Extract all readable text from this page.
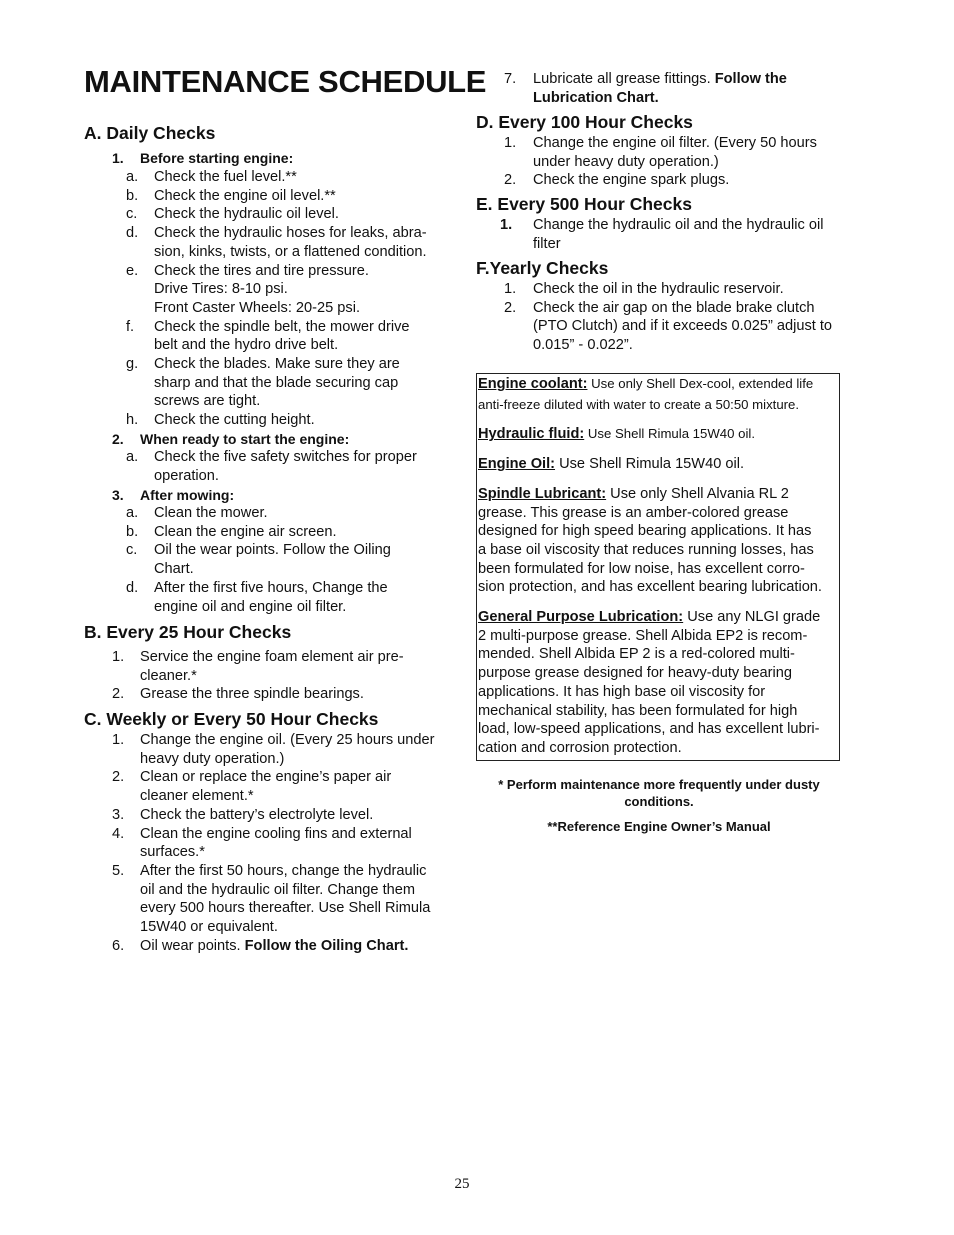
MAINTENANCE SCHEDULE
A. Daily Checks
1. Before starting engine:
a. Check the fuel level.**
b. Check the engine oil level.**
c. Check the hydraulic oil level.
d. Check the hydraulic hoses for leaks, abra-
sion, kinks, twists, or a flattened condition.
e. Check the tires and tire pressure.
Drive Tires: 8-10 psi.
Front Caster Wheels: 20-25 psi.
f. Check the spindle belt, the mower drive
belt and the hydro drive belt.
g. Check the blades. Make sure they are
sharp and that the blade securing cap
screws are tight.
h. Check the cutting height.
2. When ready to start the engine:
a. Check the five safety switches for proper
operation.
3. After mowing:
a. Clean the mower.
b. Clean the engine air screen.
c. Oil the wear points. Follow the Oiling
Chart.
d. After the first five hours, Change the
engine oil and engine oil filter.
B. Every 25 Hour Checks
1. Service the engine foam element air pre-
cleaner.*
2. Grease the three spindle bearings.
C. Weekly or Every 50 Hour Checks
1. Change the engine oil. (Every 25 hours under
heavy duty operation.)
2. Clean or replace the engine’s paper air
cleaner element.*
3. Check the battery’s electrolyte level.
4. Clean the engine cooling fins and external
surfaces.*
5. After the first 50 hours, change the hydraulic
oil and the hydraulic oil filter. Change them
every 500 hours thereafter. Use Shell Rimula
15W40 or equivalent.
6. Oil wear points. Follow the Oiling Chart.
7. Lubricate all grease fittings. Follow the
Lubrication Chart.
D. Every 100 Hour Checks
1. Change the engine oil filter. (Every 50 hours
under heavy duty operation.)
2. Check the engine spark plugs.
E. Every 500 Hour Checks
1. Change the hydraulic oil and the hydraulic oil
filter
F.Yearly Checks
1. Check the oil in the hydraulic reservoir.
2. Check the air gap on the blade brake clutch
(PTO Clutch) and if it exceeds 0.025” adjust to
0.015” - 0.022”.

Engine coolant: Use only Shell Dex-cool, extended life

anti-freeze diluted with water to create a 50:50 mixture.

Hydraulic fluid: Use Shell Rimula 15W40 oil.

Engine Oil: Use Shell Rimula 15W40 oil.

Spindle Lubricant: Use only Shell Alvania RL 2

grease. This grease is an amber-colored grease

designed for high speed bearing applications. It has

a base oil viscosity that reduces running losses, has

been formulated for low noise, has excellent corro-

sion protection, and has excellent bearing lubrication.

General Purpose Lubrication: Use any NLGI grade

2 multi-purpose grease. Shell Albida EP2 is recom-

mended. Shell Albida EP 2 is a red-colored multi-

purpose grease designed for heavy-duty bearing

applications. It has high base oil viscosity for

mechanical stability, has been formulated for high

load, low-speed applications, and has excellent lubri-

cation and corrosion protection.

* Perform maintenance more frequently under dusty
conditions.
**Reference Engine Owner’s Manual
25
